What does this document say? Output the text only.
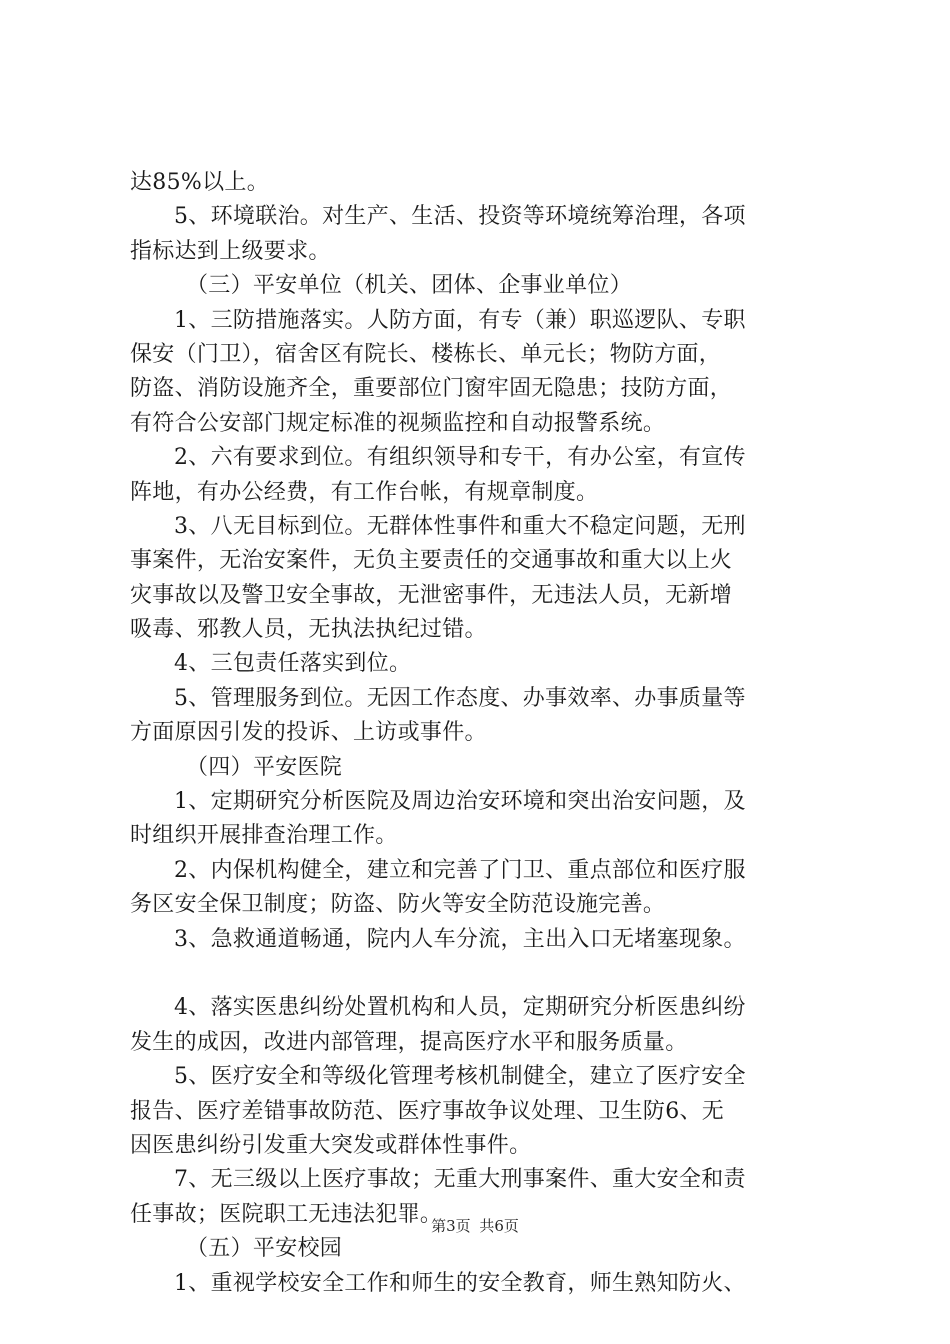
达85%以上。
5、环境联治。对生产、生活、投资等环境统筹治理，各项
指标达到上级要求。
（三）平安单位（机关、团体、企事业单位）
1、三防措施落实。人防方面，有专（兼）职巡逻队、专职
保安（门卫），宿舍区有院长、楼栋长、单元长；物防方面，
防盗、消防设施齐全，重要部位门窗牢固无隐患；技防方面，
有符合公安部门规定标准的视频监控和自动报警系统。
2、六有要求到位。有组织领导和专干，有办公室，有宣传
阵地，有办公经费，有工作台帐，有规章制度。
3、八无目标到位。无群体性事件和重大不稳定问题，无刑
事案件，无治安案件，无负主要责任的交通事故和重大以上火
灾事故以及警卫安全事故，无泄密事件，无违法人员，无新增
吸毒、邪教人员，无执法执纪过错。
4、三包责任落实到位。
5、管理服务到位。无因工作态度、办事效率、办事质量等
方面原因引发的投诉、上访或事件。
（四）平安医院
1、定期研究分析医院及周边治安环境和突出治安问题，及
时组织开展排查治理工作。
2、内保机构健全，建立和完善了门卫、重点部位和医疗服
务区安全保卫制度；防盗、防火等安全防范设施完善。
3、急救通道畅通，院内人车分流，主出入口无堵塞现象。
4、落实医患纠纷处置机构和人员，定期研究分析医患纠纷
发生的成因，改进内部管理，提高医疗水平和服务质量。
5、医疗安全和等级化管理考核机制健全，建立了医疗安全
报告、医疗差错事故防范、医疗事故争议处理、卫生防6、无
因医患纠纷引发重大突发或群体性事件。
7、无三级以上医疗事故；无重大刑事案件、重大安全和责
任事故；医院职工无违法犯罪。
（五）平安校园
1、重视学校安全工作和师生的安全教育，师生熟知防火、
第3页 共6页
